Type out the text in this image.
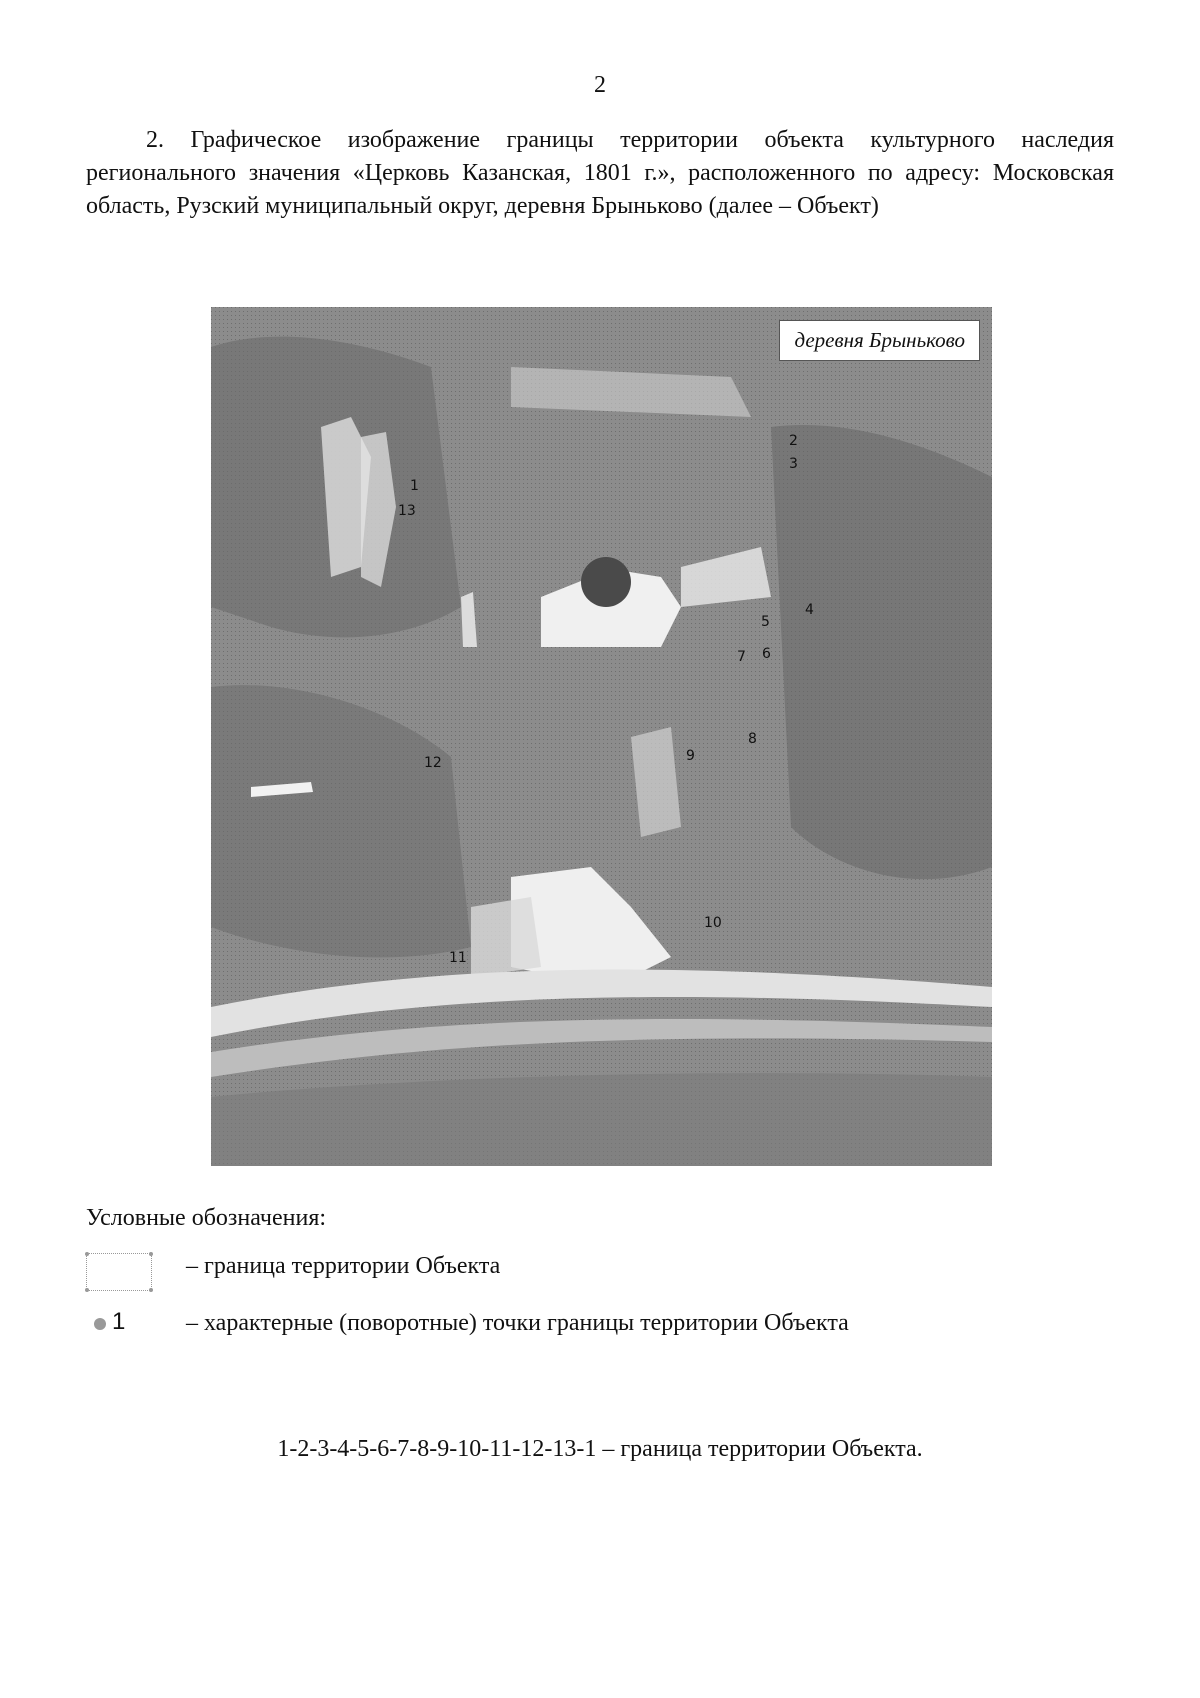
2

2. Графическое изображение границы территории объекта культурного наследия регионального значения «Церковь Казанская, 1801 г.», расположенного по адресу: Московская область, Рузский муниципальный округ, деревня Брыньково (далее – Объект)

деревня Брыньково
1
2
3
4
5
6
7
8
9
10
11
12
13
Условные обозначения:
– граница территории Объекта
1	– характерные (поворотные) точки границы территории Объекта
1-2-3-4-5-6-7-8-9-10-11-12-13-1 – граница территории Объекта.
